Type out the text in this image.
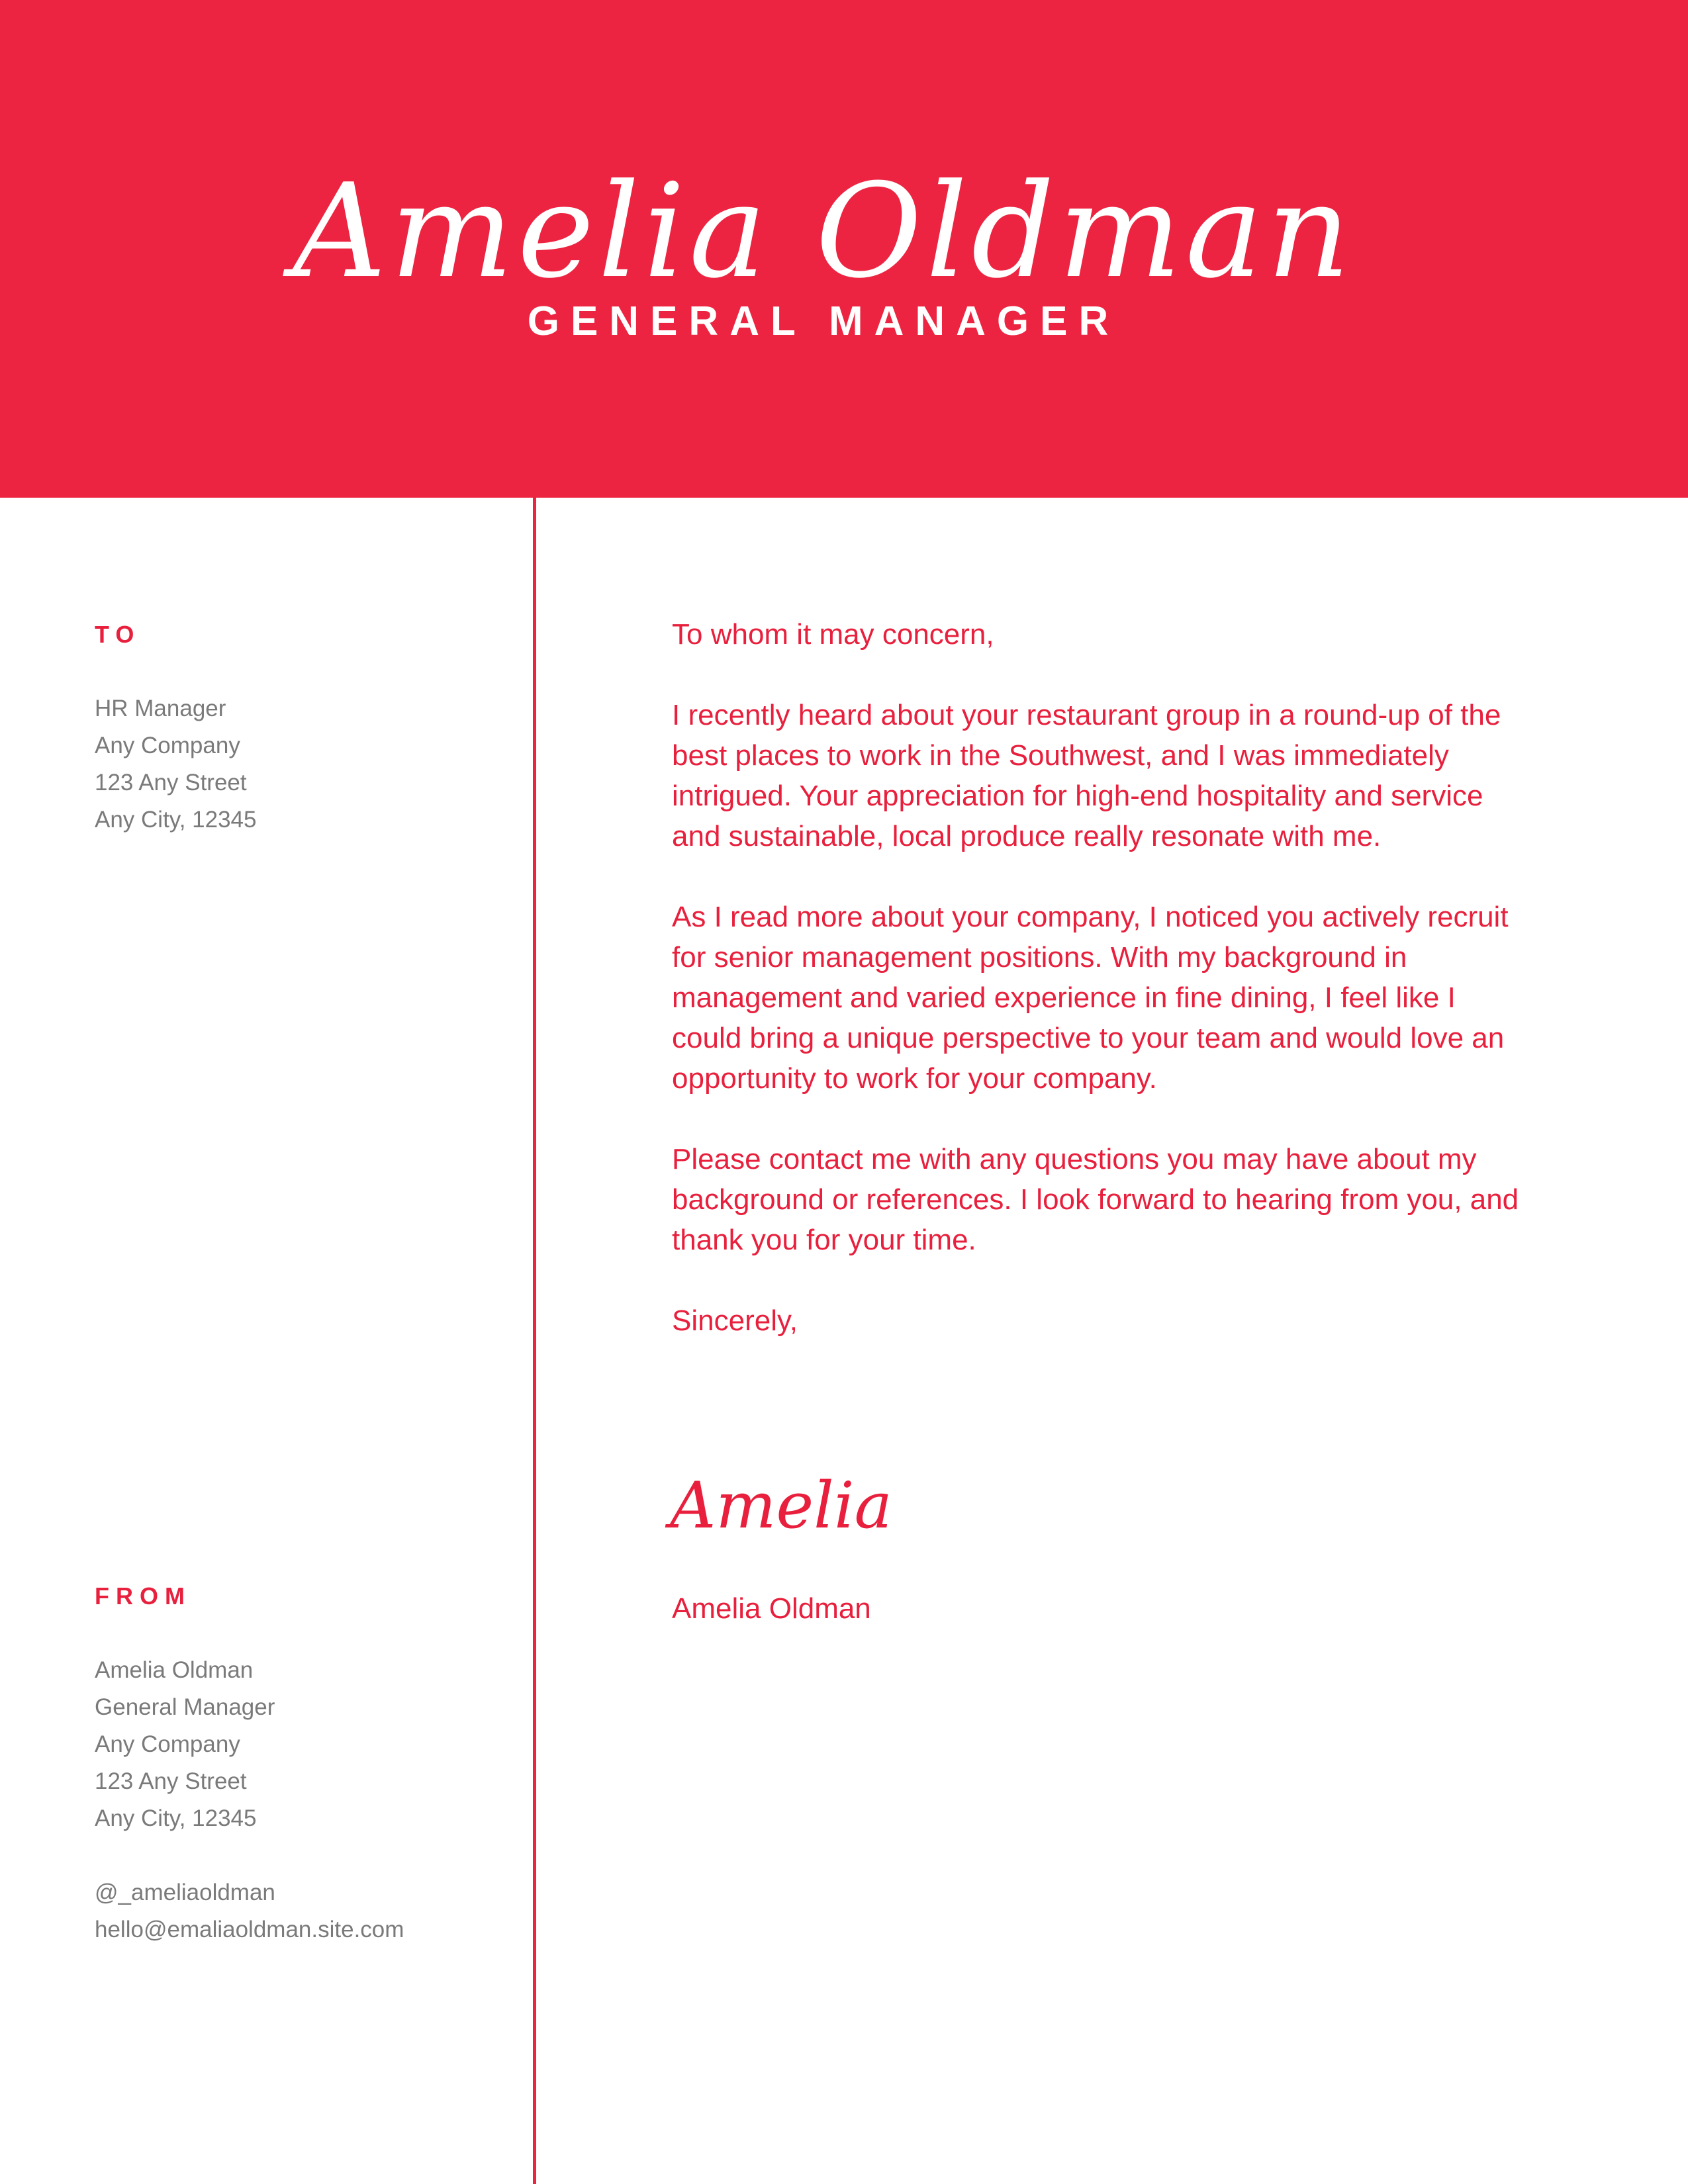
Amelia Oldman
GENERAL MANAGER
TO
HR Manager
Any Company
123 Any Street
Any City, 12345
FROM
Amelia Oldman
General Manager
Any Company
123 Any Street
Any City, 12345
@_ameliaoldman
hello@emaliaoldman.site.com

To whom it may concern,

I recently heard about your restaurant group in a round-up of the best places to work in the Southwest, and I was immediately intrigued. Your appreciation for high-end hospitality and service and sustainable, local produce really resonate with me.

As I read more about your company, I noticed you actively recruit for senior management positions. With my background in management and varied experience in fine dining, I feel like I could bring a unique perspective to your team and would love an opportunity to work for your company.

Please contact me with any questions you may have about my background or references. I look forward to hearing from you, and thank you for your time.

Sincerely,

Amelia
Amelia Oldman
